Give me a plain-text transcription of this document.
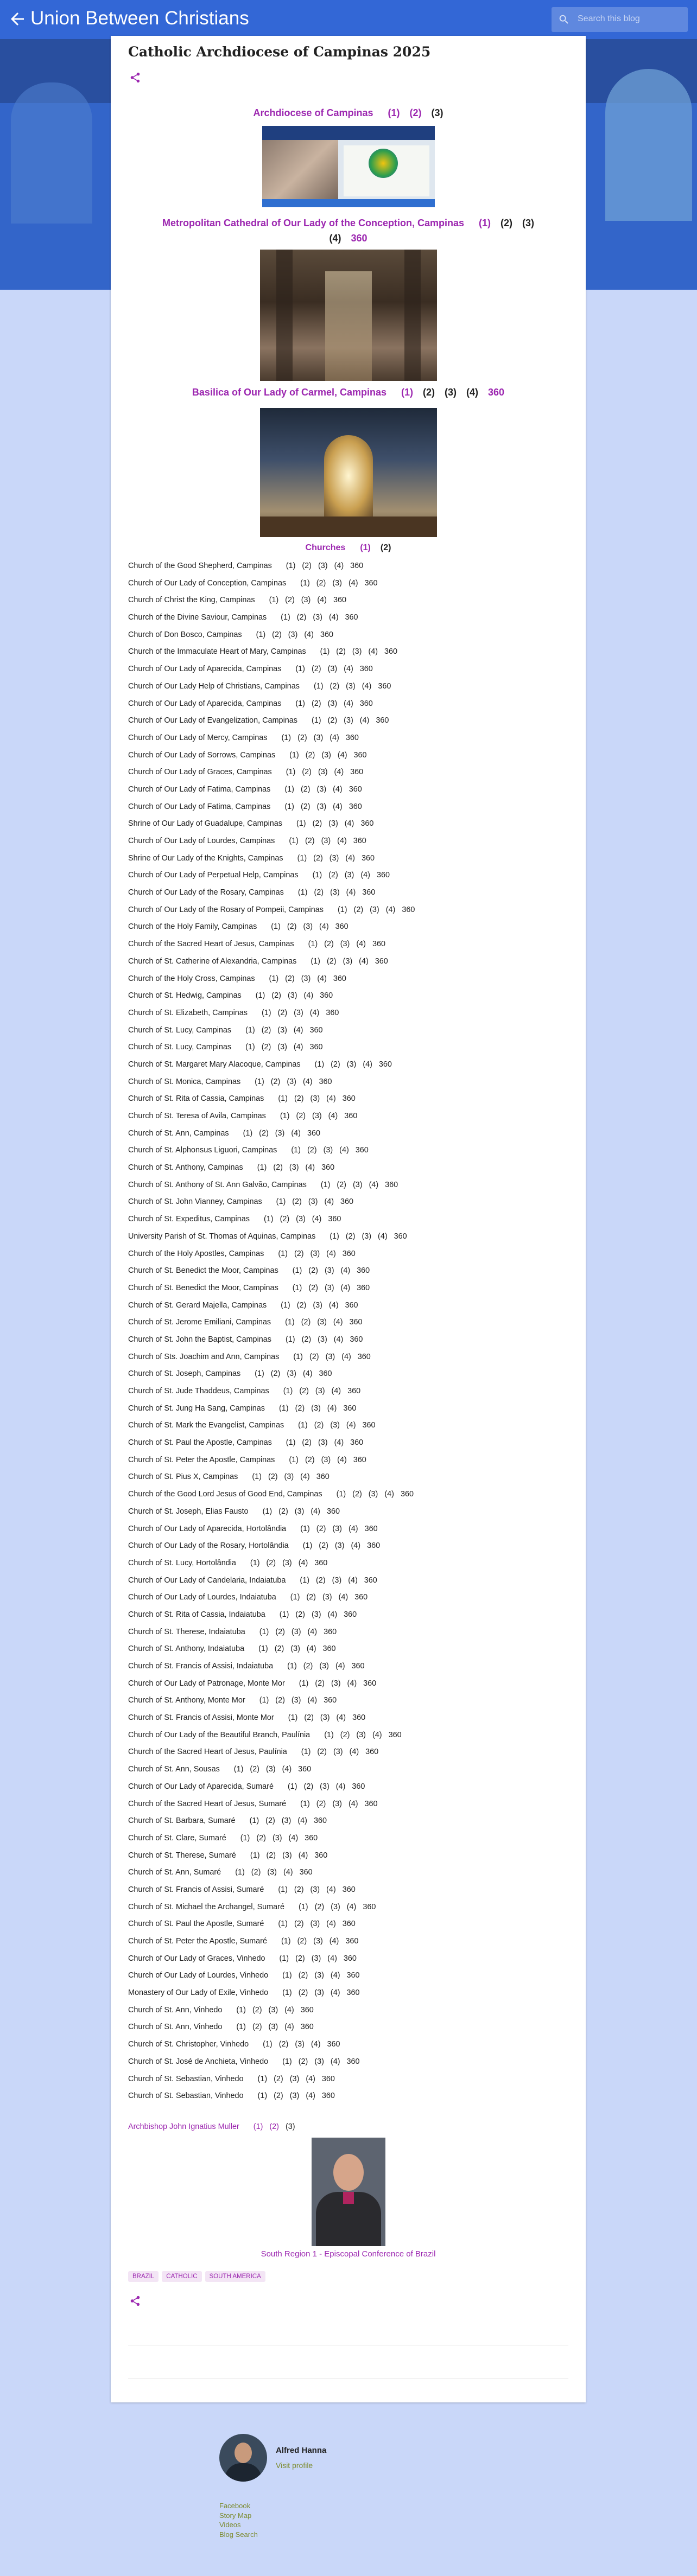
Union Between Christians	Search this blog
Catholic Archdiocese of Campinas 2025
Archdiocese of Campinas (1) (2) (3)
Metropolitan Cathedral of Our Lady of the Conception, Campinas (1) (2) (3)
(4) 360
Basilica of Our Lady of Carmel, Campinas (1) (2) (3) (4) 360
Churches (1) (2)
Church of the Good Shepherd, Campinas (1) (2) (3) (4) 360
Church of Our Lady of Conception, Campinas (1) (2) (3) (4) 360
Church of Christ the King, Campinas (1) (2) (3) (4) 360
Church of the Divine Saviour, Campinas (1) (2) (3) (4) 360
Church of Don Bosco, Campinas (1) (2) (3) (4) 360
Church of the Immaculate Heart of Mary, Campinas (1) (2) (3) (4) 360
Church of Our Lady of Aparecida, Campinas (1) (2) (3) (4) 360
Church of Our Lady Help of Christians, Campinas (1) (2) (3) (4) 360
Church of Our Lady of Aparecida, Campinas (1) (2) (3) (4) 360
Church of Our Lady of Evangelization, Campinas (1) (2) (3) (4) 360
Church of Our Lady of Mercy, Campinas (1) (2) (3) (4) 360
Church of Our Lady of Sorrows, Campinas (1) (2) (3) (4) 360
Church of Our Lady of Graces, Campinas (1) (2) (3) (4) 360
Church of Our Lady of Fatima, Campinas (1) (2) (3) (4) 360
Church of Our Lady of Fatima, Campinas (1) (2) (3) (4) 360
Shrine of Our Lady of Guadalupe, Campinas (1) (2) (3) (4) 360
Church of Our Lady of Lourdes, Campinas (1) (2) (3) (4) 360
Shrine of Our Lady of the Knights, Campinas (1) (2) (3) (4) 360
Church of Our Lady of Perpetual Help, Campinas (1) (2) (3) (4) 360
Church of Our Lady of the Rosary, Campinas (1) (2) (3) (4) 360
Church of Our Lady of the Rosary of Pompeii, Campinas (1) (2) (3) (4) 360
Church of the Holy Family, Campinas (1) (2) (3) (4) 360
Church of the Sacred Heart of Jesus, Campinas (1) (2) (3) (4) 360
Church of St. Catherine of Alexandria, Campinas (1) (2) (3) (4) 360
Church of the Holy Cross, Campinas (1) (2) (3) (4) 360
Church of St. Hedwig, Campinas (1) (2) (3) (4) 360
Church of St. Elizabeth, Campinas (1) (2) (3) (4) 360
Church of St. Lucy, Campinas (1) (2) (3) (4) 360
Church of St. Lucy, Campinas (1) (2) (3) (4) 360
Church of St. Margaret Mary Alacoque, Campinas (1) (2) (3) (4) 360
Church of St. Monica, Campinas (1) (2) (3) (4) 360
Church of St. Rita of Cassia, Campinas (1) (2) (3) (4) 360
Church of St. Teresa of Avila, Campinas (1) (2) (3) (4) 360
Church of St. Ann, Campinas (1) (2) (3) (4) 360
Church of St. Alphonsus Liguori, Campinas (1) (2) (3) (4) 360
Church of St. Anthony, Campinas (1) (2) (3) (4) 360
Church of St. Anthony of St. Ann Galvão, Campinas (1) (2) (3) (4) 360
Church of St. John Vianney, Campinas (1) (2) (3) (4) 360
Church of St. Expeditus, Campinas (1) (2) (3) (4) 360
University Parish of St. Thomas of Aquinas, Campinas (1) (2) (3) (4) 360
Church of the Holy Apostles, Campinas (1) (2) (3) (4) 360
Church of St. Benedict the Moor, Campinas (1) (2) (3) (4) 360
Church of St. Benedict the Moor, Campinas (1) (2) (3) (4) 360
Church of St. Gerard Majella, Campinas (1) (2) (3) (4) 360
Church of St. Jerome Emiliani, Campinas (1) (2) (3) (4) 360
Church of St. John the Baptist, Campinas (1) (2) (3) (4) 360
Church of Sts. Joachim and Ann, Campinas (1) (2) (3) (4) 360
Church of St. Joseph, Campinas (1) (2) (3) (4) 360
Church of St. Jude Thaddeus, Campinas (1) (2) (3) (4) 360
Church of St. Jung Ha Sang, Campinas (1) (2) (3) (4) 360
Church of St. Mark the Evangelist, Campinas (1) (2) (3) (4) 360
Church of St. Paul the Apostle, Campinas (1) (2) (3) (4) 360
Church of St. Peter the Apostle, Campinas (1) (2) (3) (4) 360
Church of St. Pius X, Campinas (1) (2) (3) (4) 360
Church of the Good Lord Jesus of Good End, Campinas (1) (2) (3) (4) 360
Church of St. Joseph, Elias Fausto (1) (2) (3) (4) 360
Church of Our Lady of Aparecida, Hortolândia (1) (2) (3) (4) 360
Church of Our Lady of the Rosary, Hortolândia (1) (2) (3) (4) 360
Church of St. Lucy, Hortolândia (1) (2) (3) (4) 360
Church of Our Lady of Candelaria, Indaiatuba (1) (2) (3) (4) 360
Church of Our Lady of Lourdes, Indaiatuba (1) (2) (3) (4) 360
Church of St. Rita of Cassia, Indaiatuba (1) (2) (3) (4) 360
Church of St. Therese, Indaiatuba (1) (2) (3) (4) 360
Church of St. Anthony, Indaiatuba (1) (2) (3) (4) 360
Church of St. Francis of Assisi, Indaiatuba (1) (2) (3) (4) 360
Church of Our Lady of Patronage, Monte Mor (1) (2) (3) (4) 360
Church of St. Anthony, Monte Mor (1) (2) (3) (4) 360
Church of St. Francis of Assisi, Monte Mor (1) (2) (3) (4) 360
Church of Our Lady of the Beautiful Branch, Paulínia (1) (2) (3) (4) 360
Church of the Sacred Heart of Jesus, Paulínia (1) (2) (3) (4) 360
Church of St. Ann, Sousas (1) (2) (3) (4) 360
Church of Our Lady of Aparecida, Sumaré (1) (2) (3) (4) 360
Church of the Sacred Heart of Jesus, Sumaré (1) (2) (3) (4) 360
Church of St. Barbara, Sumaré (1) (2) (3) (4) 360
Church of St. Clare, Sumaré (1) (2) (3) (4) 360
Church of St. Therese, Sumaré (1) (2) (3) (4) 360
Church of St. Ann, Sumaré (1) (2) (3) (4) 360
Church of St. Francis of Assisi, Sumaré (1) (2) (3) (4) 360
Church of St. Michael the Archangel, Sumaré (1) (2) (3) (4) 360
Church of St. Paul the Apostle, Sumaré (1) (2) (3) (4) 360
Church of St. Peter the Apostle, Sumaré (1) (2) (3) (4) 360
Church of Our Lady of Graces, Vinhedo (1) (2) (3) (4) 360
Church of Our Lady of Lourdes, Vinhedo (1) (2) (3) (4) 360
Monastery of Our Lady of Exile, Vinhedo (1) (2) (3) (4) 360
Church of St. Ann, Vinhedo (1) (2) (3) (4) 360
Church of St. Ann, Vinhedo (1) (2) (3) (4) 360
Church of St. Christopher, Vinhedo (1) (2) (3) (4) 360
Church of St. José de Anchieta, Vinhedo (1) (2) (3) (4) 360
Church of St. Sebastian, Vinhedo (1) (2) (3) (4) 360
Church of St. Sebastian, Vinhedo (1) (2) (3) (4) 360
Archbishop John Ignatius Muller (1) (2) (3)
South Region 1 - Episcopal Conference of Brazil
BRAZIL CATHOLIC SOUTH AMERICA
Alfred Hanna
Visit profile
Facebook
Story Map
Videos
Blog Search
